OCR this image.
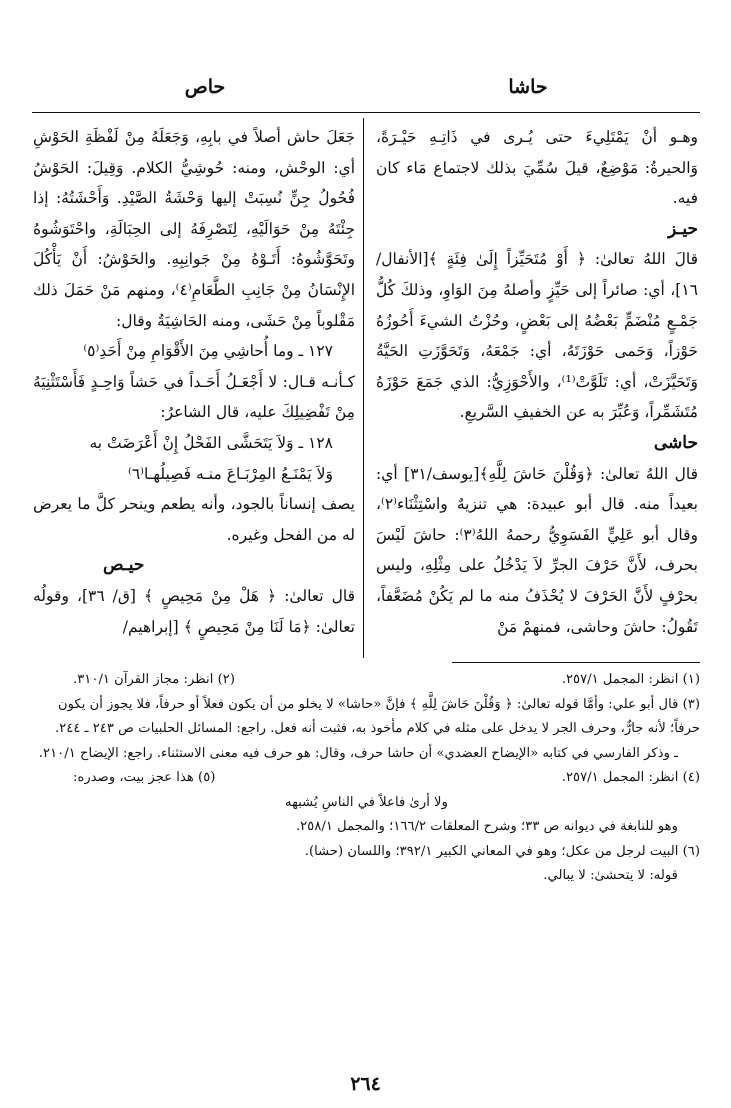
حاشا
حاص

وهـو أنْ يَمْتَلِيءَ حتى يُـرى في ذَاتِـهِ حَيْـرَةً، وَالحيرةُ: مَوْضِعٌ، قيلَ سُمِّيَ بذلك لاجتماع مَاء كان فيه.

حيـز

قالَ اللهُ تعالىٰ: ﴿ أَوْ مُتَحَيِّزاً إِلَىٰ فِئَةٍ ﴾[الأنفال/ ١٦]، أي: صائراً إلى حَيِّزٍ وأصلهُ مِنَ الوَاوِ، وذلكَ كُلُّ جَمْـعٍ مُنْضَمٍّ بَعْضُهُ إلى بَعْضٍ، وحُزْتُ الشيءَ أَحُوزُهُ حَوْزاً، وَحَمى حَوْزَتَهُ، أي: جَمْعَهُ، وَتَحَوَّزَتِ الحَيَّةُ وَتَحَيَّزَتْ، أي: تَلَوَّتْ⁽¹⁾، والأَحْوَزِيُّ: الذي جَمَعَ حَوْزَهُ مُتَشَمِّراً، وَعُبِّرَ به عن الخفيفِ السَّريعِ.

حاشى

قال اللهُ تعالىٰ: ﴿وَقُلْنَ حَاشَ لِلَّهِ﴾[يوسف/٣١] أي: بعيداً منه. قال أبو عبيدة: هي تنزيهٌ واسْتِثْنَاء⁽٢⁾، وقال أبو عَلِيٍّ الفَسَوِيُّ رحمهُ اللهُ⁽٣⁾: حاشَ لَيْسَ بحرف، لأَنَّ حَرْفَ الجرِّ لاَ يَدْخُلُ على مِثْلِهِ، وليس بحرْفٍ لأَنَّ الحَرْفَ لا يُحْذَفُ منه ما لم يَكُنْ مُضَعَّفاً، تَقُولُ: حاشَ وحاشى، فمنهمْ مَنْ

جَعَلَ حاش أصلاً في بابِهِ، وَجَعَلَهُ مِنْ لَفْظَةِ الحَوْشِ أي: الوحْش، ومنه: حُوشِيُّ الكلام. وَقِيلَ: الحَوْشُ فُحُولُ جِنٍّ نُسِبَتْ إليها وَحْشَةُ الصَّيْدِ. وَأَحْشَتُهُ: إذا جِئْتَهُ مِنْ حَوَالَيْهِ، لِتَصْرِفَهُ إلى الحِبَالَةِ، واحْتَوَشُوهُ وتَحَوَّشُوهُ: أَتَـوْهُ مِنْ جَوانِبِهِ. والحَوْشُ: أَنْ يَأْكُلَ الإِنْسَانُ مِنْ جَانِبِ الطَّعَامِ⁽٤⁾، ومنهم مَنْ حَمَلَ ذلك مَقْلوباً مِنْ حَشَى، ومنه الحَاشِيَةُ وقال:

١٢٧ ـ وما أُحاشِي مِنَ الأَقْوَامِ مِنْ أَحَدِ⁽٥⁾

كـأنـه قـال: لا أَجْعَـلُ أَحَـداً في حَشاً وَاحِـدٍ فَأَسْتَثْنِيَهُ مِنْ تَفْضِيلِكَ عليه، قال الشاعرُ:

١٢٨ ـ وَلاَ يَتَحَشَّى الفَحْلُ إِنْ أَعْرَضَتْ به
وَلاَ يَمْنَـعُ المِرْبَـاعَ منـه فَصِيلُهـا⁽٦⁾

يصف إنساناً بالجود، وأنه يطعم وينحر كلَّ ما يعرض له من الفحل وغيره.

حيـص

قال تعالىٰ: ﴿ هَلْ مِنْ مَحِيصٍ ﴾ [ق/ ٣٦]، وقولُه تعالىٰ: ﴿مَا لَنَا مِنْ مَحِيصٍ ﴾ [إبراهيم/

(١) انظر: المجمل ٢٥٧/١.
(٢) انظر: مجاز القرآن ٣١٠/١.
(٣) قال أبو علي: وأمَّا قوله تعالىٰ: ﴿ وَقُلْنَ حَاشَ لِلَّهِ ﴾ فإنَّ «حاشا» لا يخلو من أن يكون فعلاً أو حرفاً، فلا يجوز أن يكون حرفاً؛ لأنه جارٌّ، وحرف الجر لا يدخل على مثله في كلام مأخوذ به، فثبت أنه فعل. راجع: المسائل الحلبيات ص ٢٤٣ ـ ٢٤٤.
ـ وذكر الفارسي في كتابه «الإيضاح العضدي» أن حاشا حرف، وقال: هو حرف فيه معنى الاستثناء. راجع: الإيضاح ٢١٠/١.
(٤) انظر: المجمل ٢٥٧/١.
(٥) هذا عجز بيت، وصدره:
ولا أرىٰ فاعلاً في الناسِ يُشبهه
وهو للنابغة في ديوانه ص ٣٣؛ وشرح المعلقات ١٦٦/٢؛ والمجمل ٢٥٨/١.
(٦) البيت لرجل من عكل؛ وهو في المعاني الكبير ٣٩٢/١؛ واللسان (حشا).
قوله: لا يتحشىٰ: لا يبالي.
٢٦٤
